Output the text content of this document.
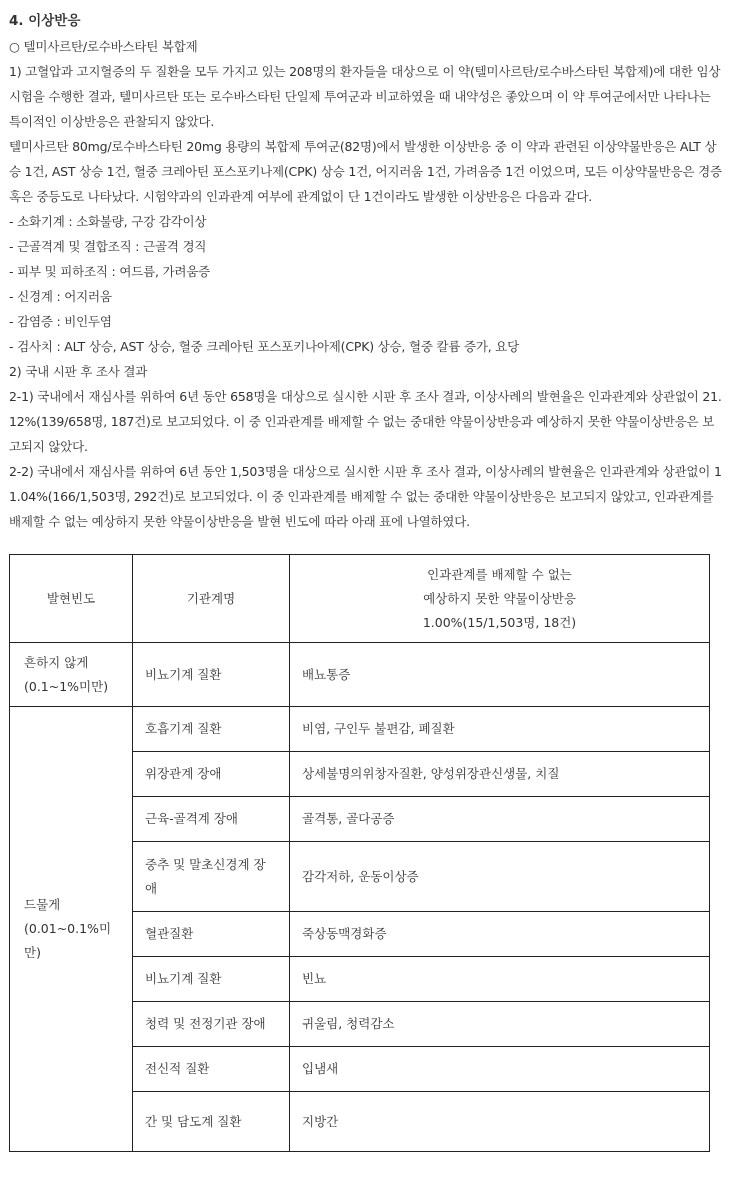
4. 이상반응

○ 텔미사르탄/로수바스타틴 복합제

1) 고혈압과 고지혈증의 두 질환을 모두 가지고 있는 208명의 환자들을 대상으로 이 약(텔미사르탄/로수바스타틴 복합제)에 대한 임상시험을 수행한 결과, 텔미사르탄 또는 로수바스타틴 단일제 투여군과 비교하였을 때 내약성은 좋았으며 이 약 투여군에서만 나타나는 특이적인 이상반응은 관찰되지 않았다.

텔미사르탄 80mg/로수바스타틴 20mg 용량의 복합제 투여군(82명)에서 발생한 이상반응 중 이 약과 관련된 이상약물반응은 ALT 상승 1건, AST 상승 1건, 혈중 크레아틴 포스포키나제(CPK) 상승 1건, 어지러움 1건, 가려움증 1건 이었으며, 모든 이상약물반응은 경증 혹은 중등도로 나타났다. 시험약과의 인과관계 여부에 관계없이 단 1건이라도 발생한 이상반응은 다음과 같다.

- 소화기계 : 소화불량, 구강 감각이상

- 근골격계 및 결합조직 : 근골격 경직

- 피부 및 피하조직 : 여드름, 가려움증

- 신경계 : 어지러움

- 감염증 : 비인두염

- 검사치 : ALT 상승, AST 상승, 혈중 크레아틴 포스포키나아제(CPK) 상승, 혈중 칼륨 증가, 요당

2) 국내 시판 후 조사 결과

2-1) 국내에서 재심사를 위하여 6년 동안 658명을 대상으로 실시한 시판 후 조사 결과, 이상사례의 발현율은 인과관계와 상관없이 21.12%(139/658명, 187건)로 보고되었다. 이 중 인과관계를 배제할 수 없는 중대한 약물이상반응과 예상하지 못한 약물이상반응은 보고되지 않았다.

2-2) 국내에서 재심사를 위하여 6년 동안 1,503명을 대상으로 실시한 시판 후 조사 결과, 이상사례의 발현율은 인과관계와 상관없이 11.04%(166/1,503명, 292건)로 보고되었다. 이 중 인과관계를 배제할 수 없는 중대한 약물이상반응은 보고되지 않았고, 인과관계를 배제할 수 없는 예상하지 못한 약물이상반응을 발현 빈도에 따라 아래 표에 나열하였다.

발현빈도	기관계명	인과관계를 배제할 수 없는
예상하지 못한 약물이상반응
1.00%(15/1,503명, 18건)

흔하지 않게
(0.1~1%미만)	비뇨기계 질환	배뇨통증

드물게
(0.01~0.1%미만)	호흡기계 질환	비염, 구인두 불편감, 폐질환
	위장관계 장애	상세불명의위창자질환, 양성위장관신생물, 치질
	근육-골격계 장애	골격통, 골다공증
	중추 및 말초신경계 장애	감각저하, 운동이상증
	혈관질환	죽상동맥경화증
	비뇨기계 질환	빈뇨
	청력 및 전정기관 장애	귀울림, 청력감소
	전신적 질환	입냄새
	간 및 담도계 질환	지방간
